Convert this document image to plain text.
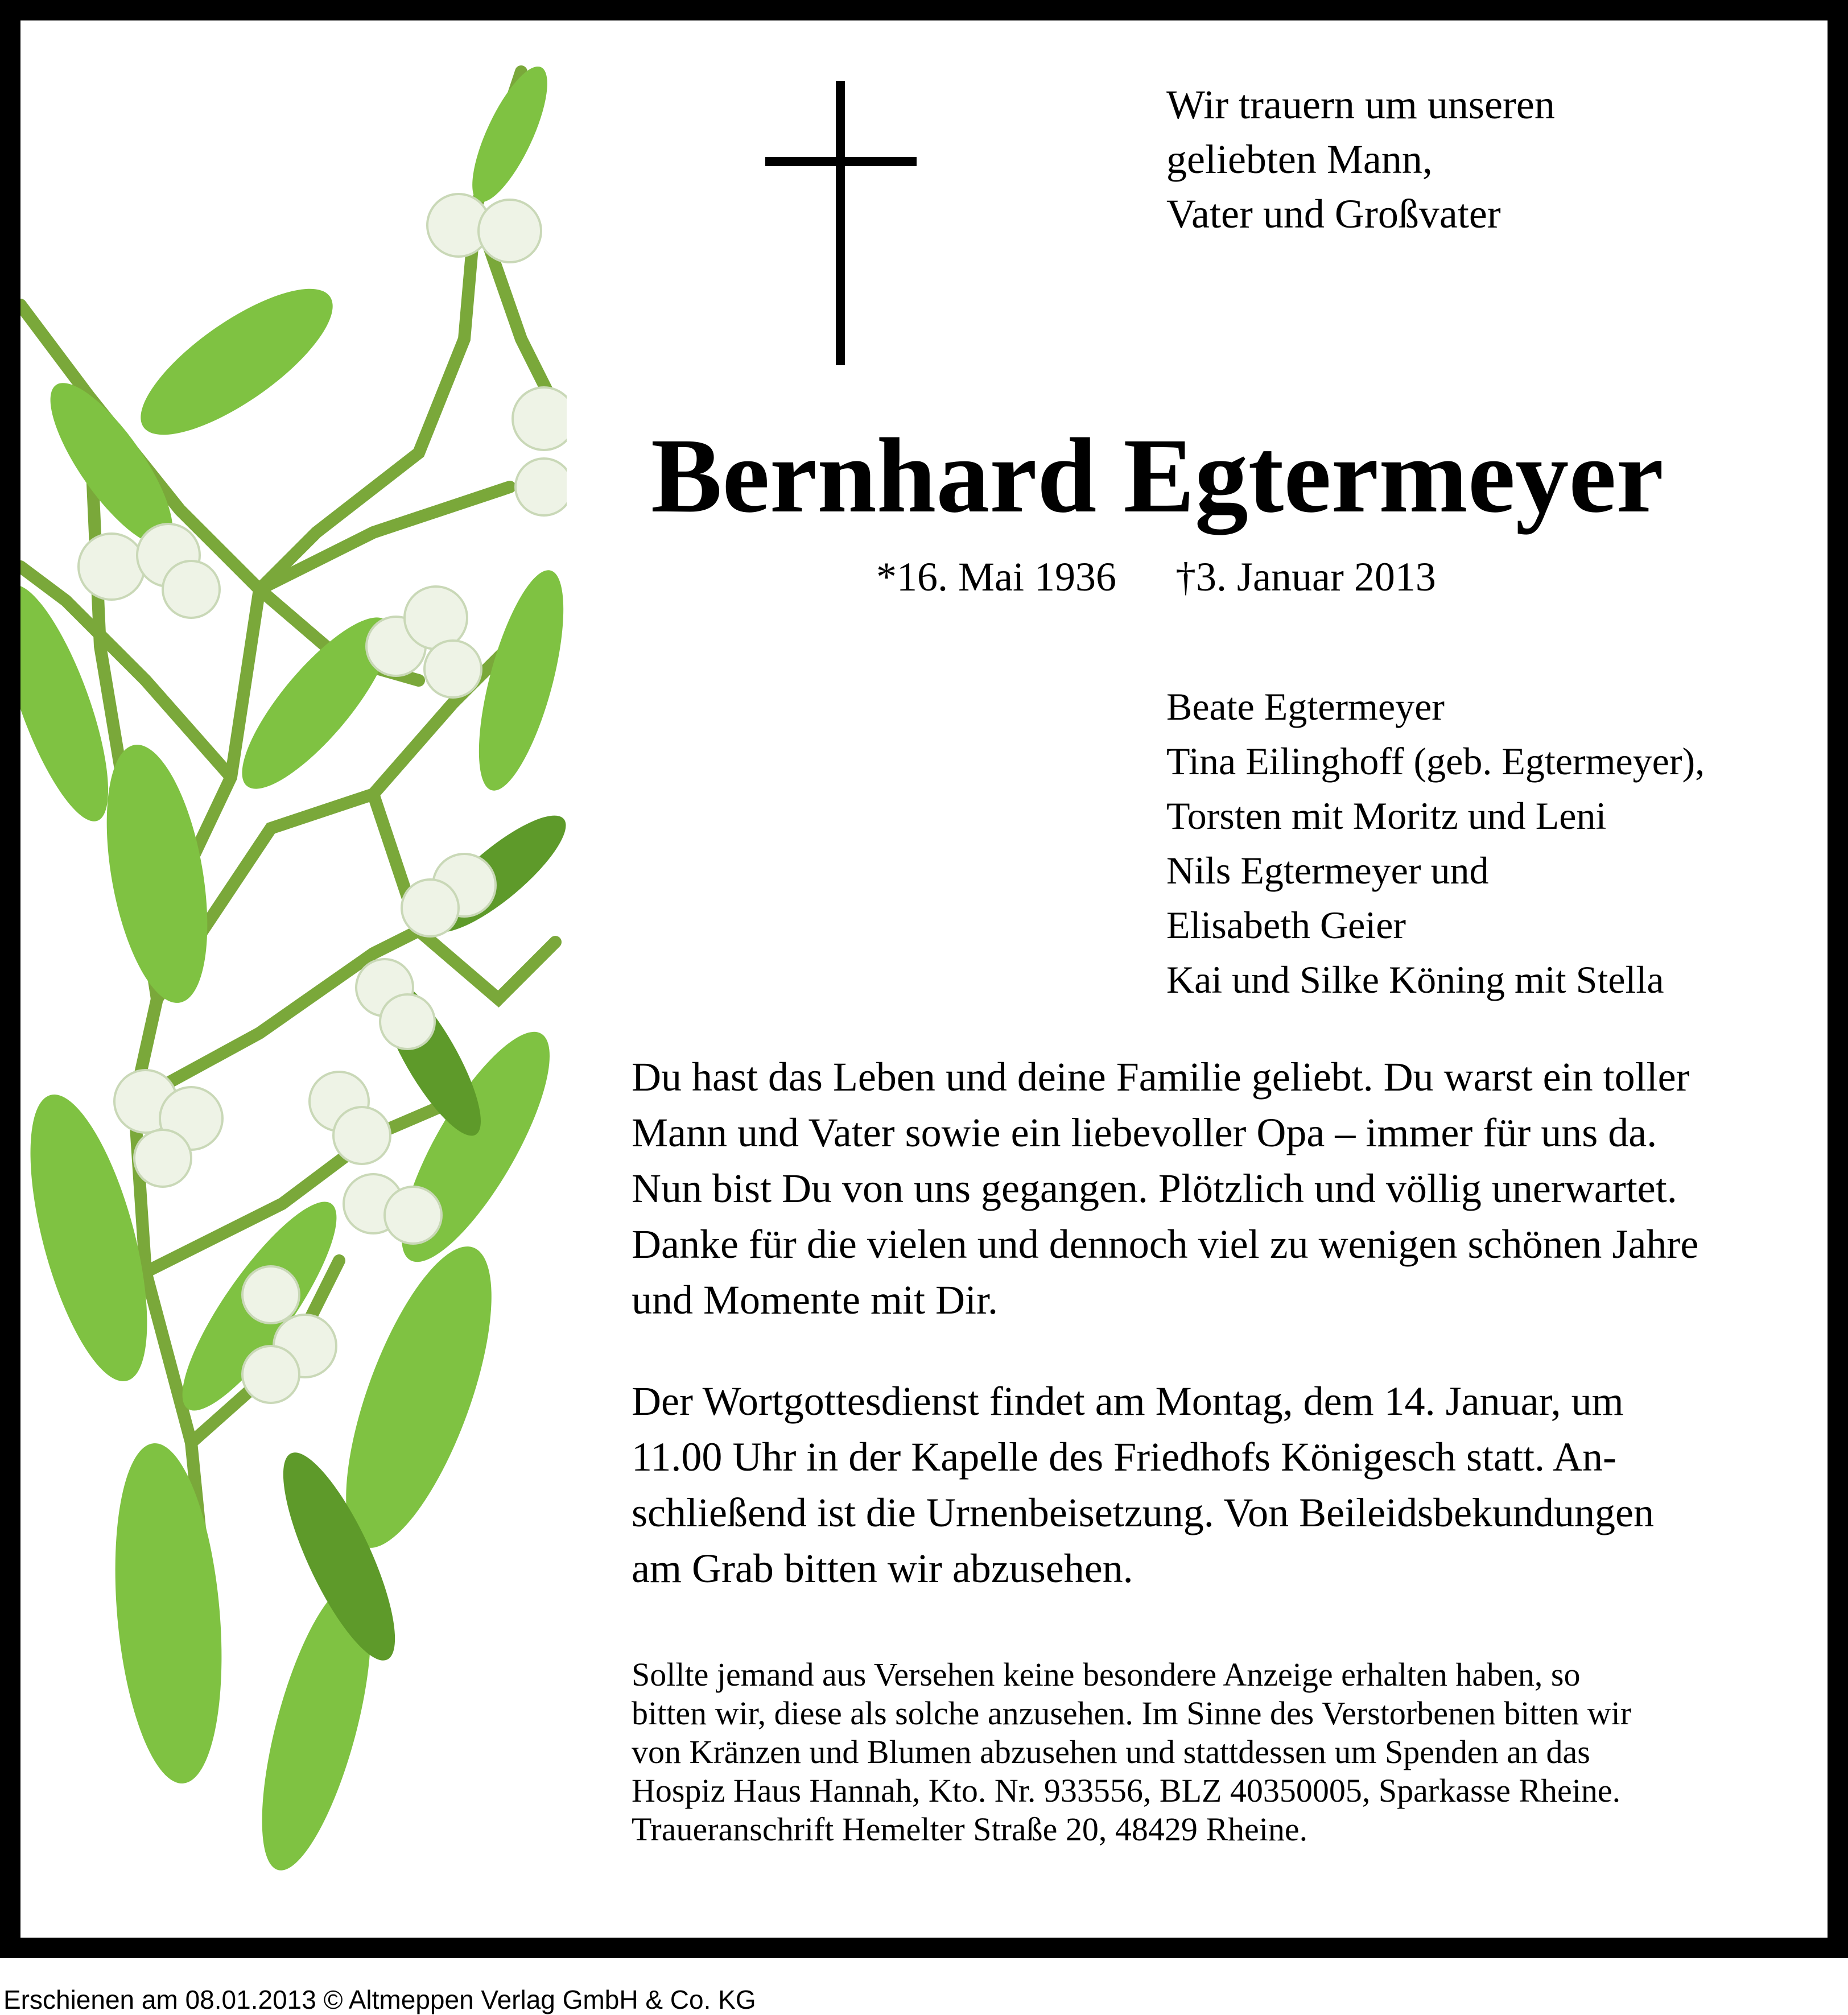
Wir trauern um unseren
geliebten Mann,
Vater und Großvater
Bernhard Egtermeyer
*16. Mai 1936 †3. Januar 2013
Beate Egtermeyer
Tina Eilinghoff (geb. Egtermeyer),
Torsten mit Moritz und Leni
Nils Egtermeyer und
Elisabeth Geier
Kai und Silke Köning mit Stella
Du hast das Leben und deine Familie geliebt. Du warst ein toller
Mann und Vater sowie ein liebevoller Opa – immer für uns da.
Nun bist Du von uns gegangen. Plötzlich und völlig unerwartet.
Danke für die vielen und dennoch viel zu wenigen schönen Jahre
und Momente mit Dir.
Der Wortgottesdienst findet am Montag, dem 14. Januar, um
11.00 Uhr in der Kapelle des Friedhofs Königesch statt. An-
schließend ist die Urnenbeisetzung. Von Beileidsbekundungen
am Grab bitten wir abzusehen.
Sollte jemand aus Versehen keine besondere Anzeige erhalten haben, so
bitten wir, diese als solche anzusehen. Im Sinne des Verstorbenen bitten wir
von Kränzen und Blumen abzusehen und stattdessen um Spenden an das
Hospiz Haus Hannah, Kto. Nr. 933556, BLZ 40350005, Sparkasse Rheine.
Traueranschrift Hemelter Straße 20, 48429 Rheine.
Erschienen am 08.01.2013 © Altmeppen Verlag GmbH & Co. KG
